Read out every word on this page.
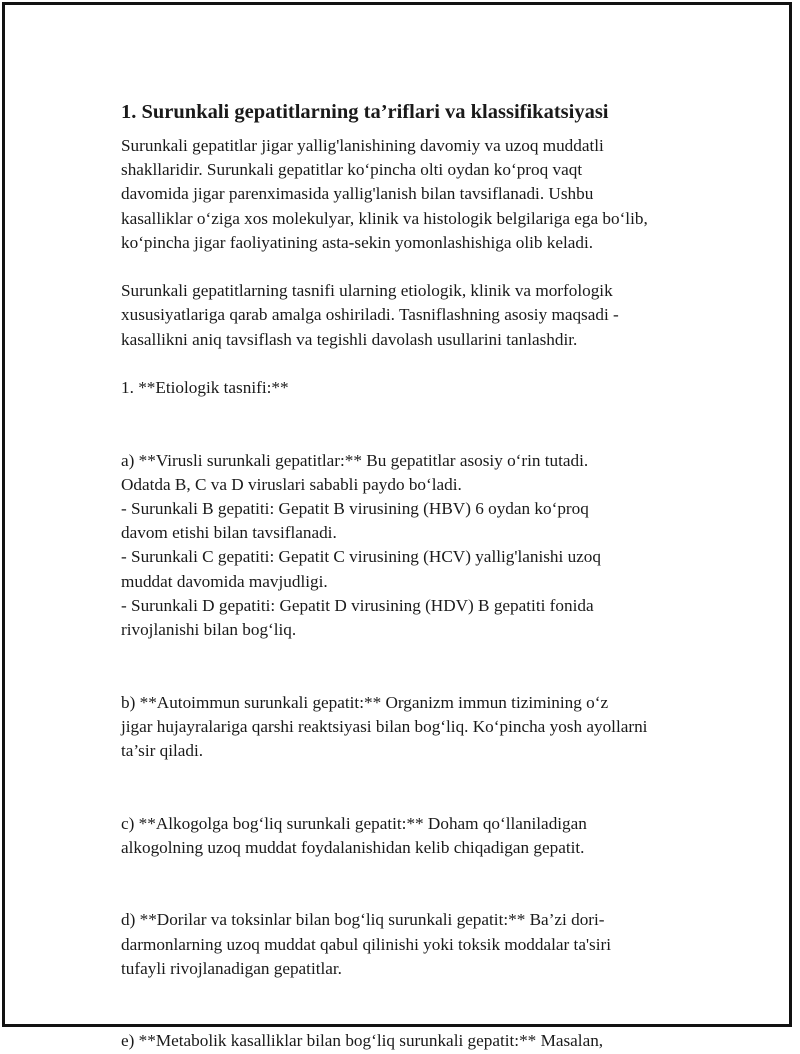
1. Surunkali gepatitlarning ta’riflari va klassifikatsiyasi

Surunkali gepatitlar jigar yallig'lanishining davomiy va uzoq muddatli
shakllaridir. Surunkali gepatitlar ko‘pincha olti oydan ko‘proq vaqt
davomida jigar parenximasida yallig'lanish bilan tavsiflanadi. Ushbu
kasalliklar o‘ziga xos molekulyar, klinik va histologik belgilariga ega bo‘lib,
ko‘pincha jigar faoliyatining asta-sekin yomonlashishiga olib keladi.

Surunkali gepatitlarning tasnifi ularning etiologik, klinik va morfologik
xususiyatlariga qarab amalga oshiriladi. Tasniflashning asosiy maqsadi -
kasallikni aniq tavsiflash va tegishli davolash usullarini tanlashdir.

1. **Etiologik tasnifi:**

a) **Virusli surunkali gepatitlar:** Bu gepatitlar asosiy o‘rin tutadi.
Odatda B, C va D viruslari sababli paydo bo‘ladi.
- Surunkali B gepatiti: Gepatit B virusining (HBV) 6 oydan ko‘proq
davom etishi bilan tavsiflanadi.
- Surunkali C gepatiti: Gepatit C virusining (HCV) yallig'lanishi uzoq
muddat davomida mavjudligi.
- Surunkali D gepatiti: Gepatit D virusining (HDV) B gepatiti fonida
rivojlanishi bilan bog‘liq.

b) **Autoimmun surunkali gepatit:** Organizm immun tizimining o‘z
jigar hujayralariga qarshi reaktsiyasi bilan bog‘liq. Ko‘pincha yosh ayollarni
ta’sir qiladi.

c) **Alkogolga bog‘liq surunkali gepatit:** Doham qo‘llaniladigan
alkogolning uzoq muddat foydalanishidan kelib chiqadigan gepatit.

d) **Dorilar va toksinlar bilan bog‘liq surunkali gepatit:** Ba’zi dori-
darmonlarning uzoq muddat qabul qilinishi yoki toksik moddalar ta'siri
tufayli rivojlanadigan gepatitlar.

e) **Metabolik kasalliklar bilan bog‘liq surunkali gepatit:** Masalan,
